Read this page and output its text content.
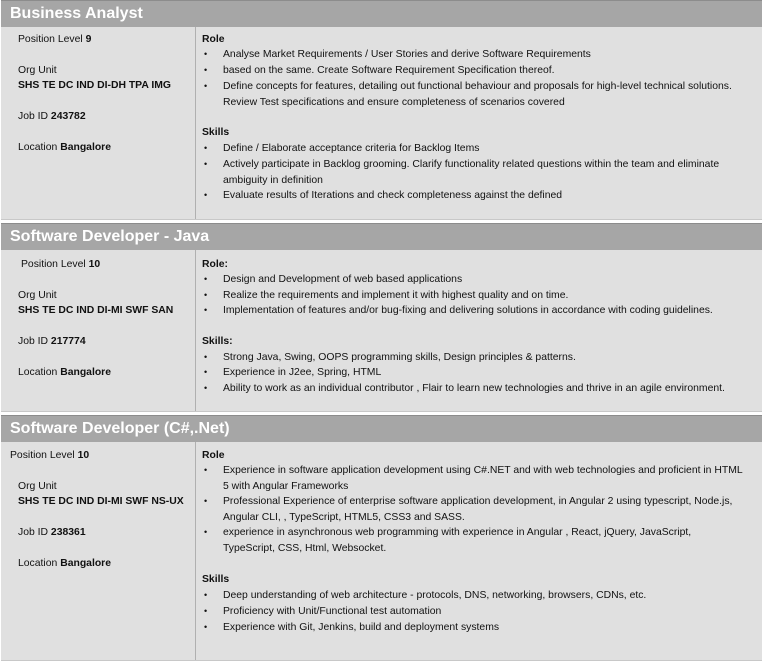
Business Analyst
Position Level 9
Org Unit
SHS TE DC IND DI-DH TPA IMG
Job ID 243782
Location Bangalore
Role
•	Analyse Market Requirements / User Stories and derive Software Requirements
•	based on the same. Create Software Requirement Specification thereof.
•	Define concepts for features, detailing out functional behaviour and proposals for high-level technical solutions. Review Test specifications and ensure completeness of scenarios covered
Skills
•	Define / Elaborate acceptance criteria for Backlog Items
•	Actively participate in Backlog grooming. Clarify functionality related questions within the team and eliminate ambiguity in definition
•	Evaluate results of Iterations and check completeness against the defined
Software Developer - Java
Position Level 10
Org Unit
SHS TE DC IND DI-MI SWF SAN
Job ID 217774
Location Bangalore
Role:
•	Design and Development of web based applications
•	Realize the requirements and implement it with highest quality and on time.
•	Implementation of features and/or bug-fixing and delivering solutions in accordance with coding guidelines.
Skills:
•	Strong Java, Swing, OOPS programming skills, Design principles & patterns.
•	Experience in J2ee, Spring, HTML
•	Ability to work as an individual contributor , Flair to learn new technologies and thrive in an agile environment.
Software Developer (C#,.Net)
Position Level 10
Org Unit
SHS TE DC IND DI-MI SWF NS-UX
Job ID 238361
Location Bangalore
Role
•	Experience in software application development using C#.NET and with web technologies and proficient in HTML 5 with Angular Frameworks
•	Professional Experience of enterprise software application development, in Angular 2 using typescript, Node.js, Angular CLI, , TypeScript, HTML5, CSS3 and SASS.
•	experience in asynchronous web programming with experience in Angular , React, jQuery, JavaScript, TypeScript, CSS, Html, Websocket.
Skills
•	Deep understanding of web architecture - protocols, DNS, networking, browsers, CDNs, etc.
•	Proficiency with Unit/Functional test automation
•	Experience with Git, Jenkins, build and deployment systems
